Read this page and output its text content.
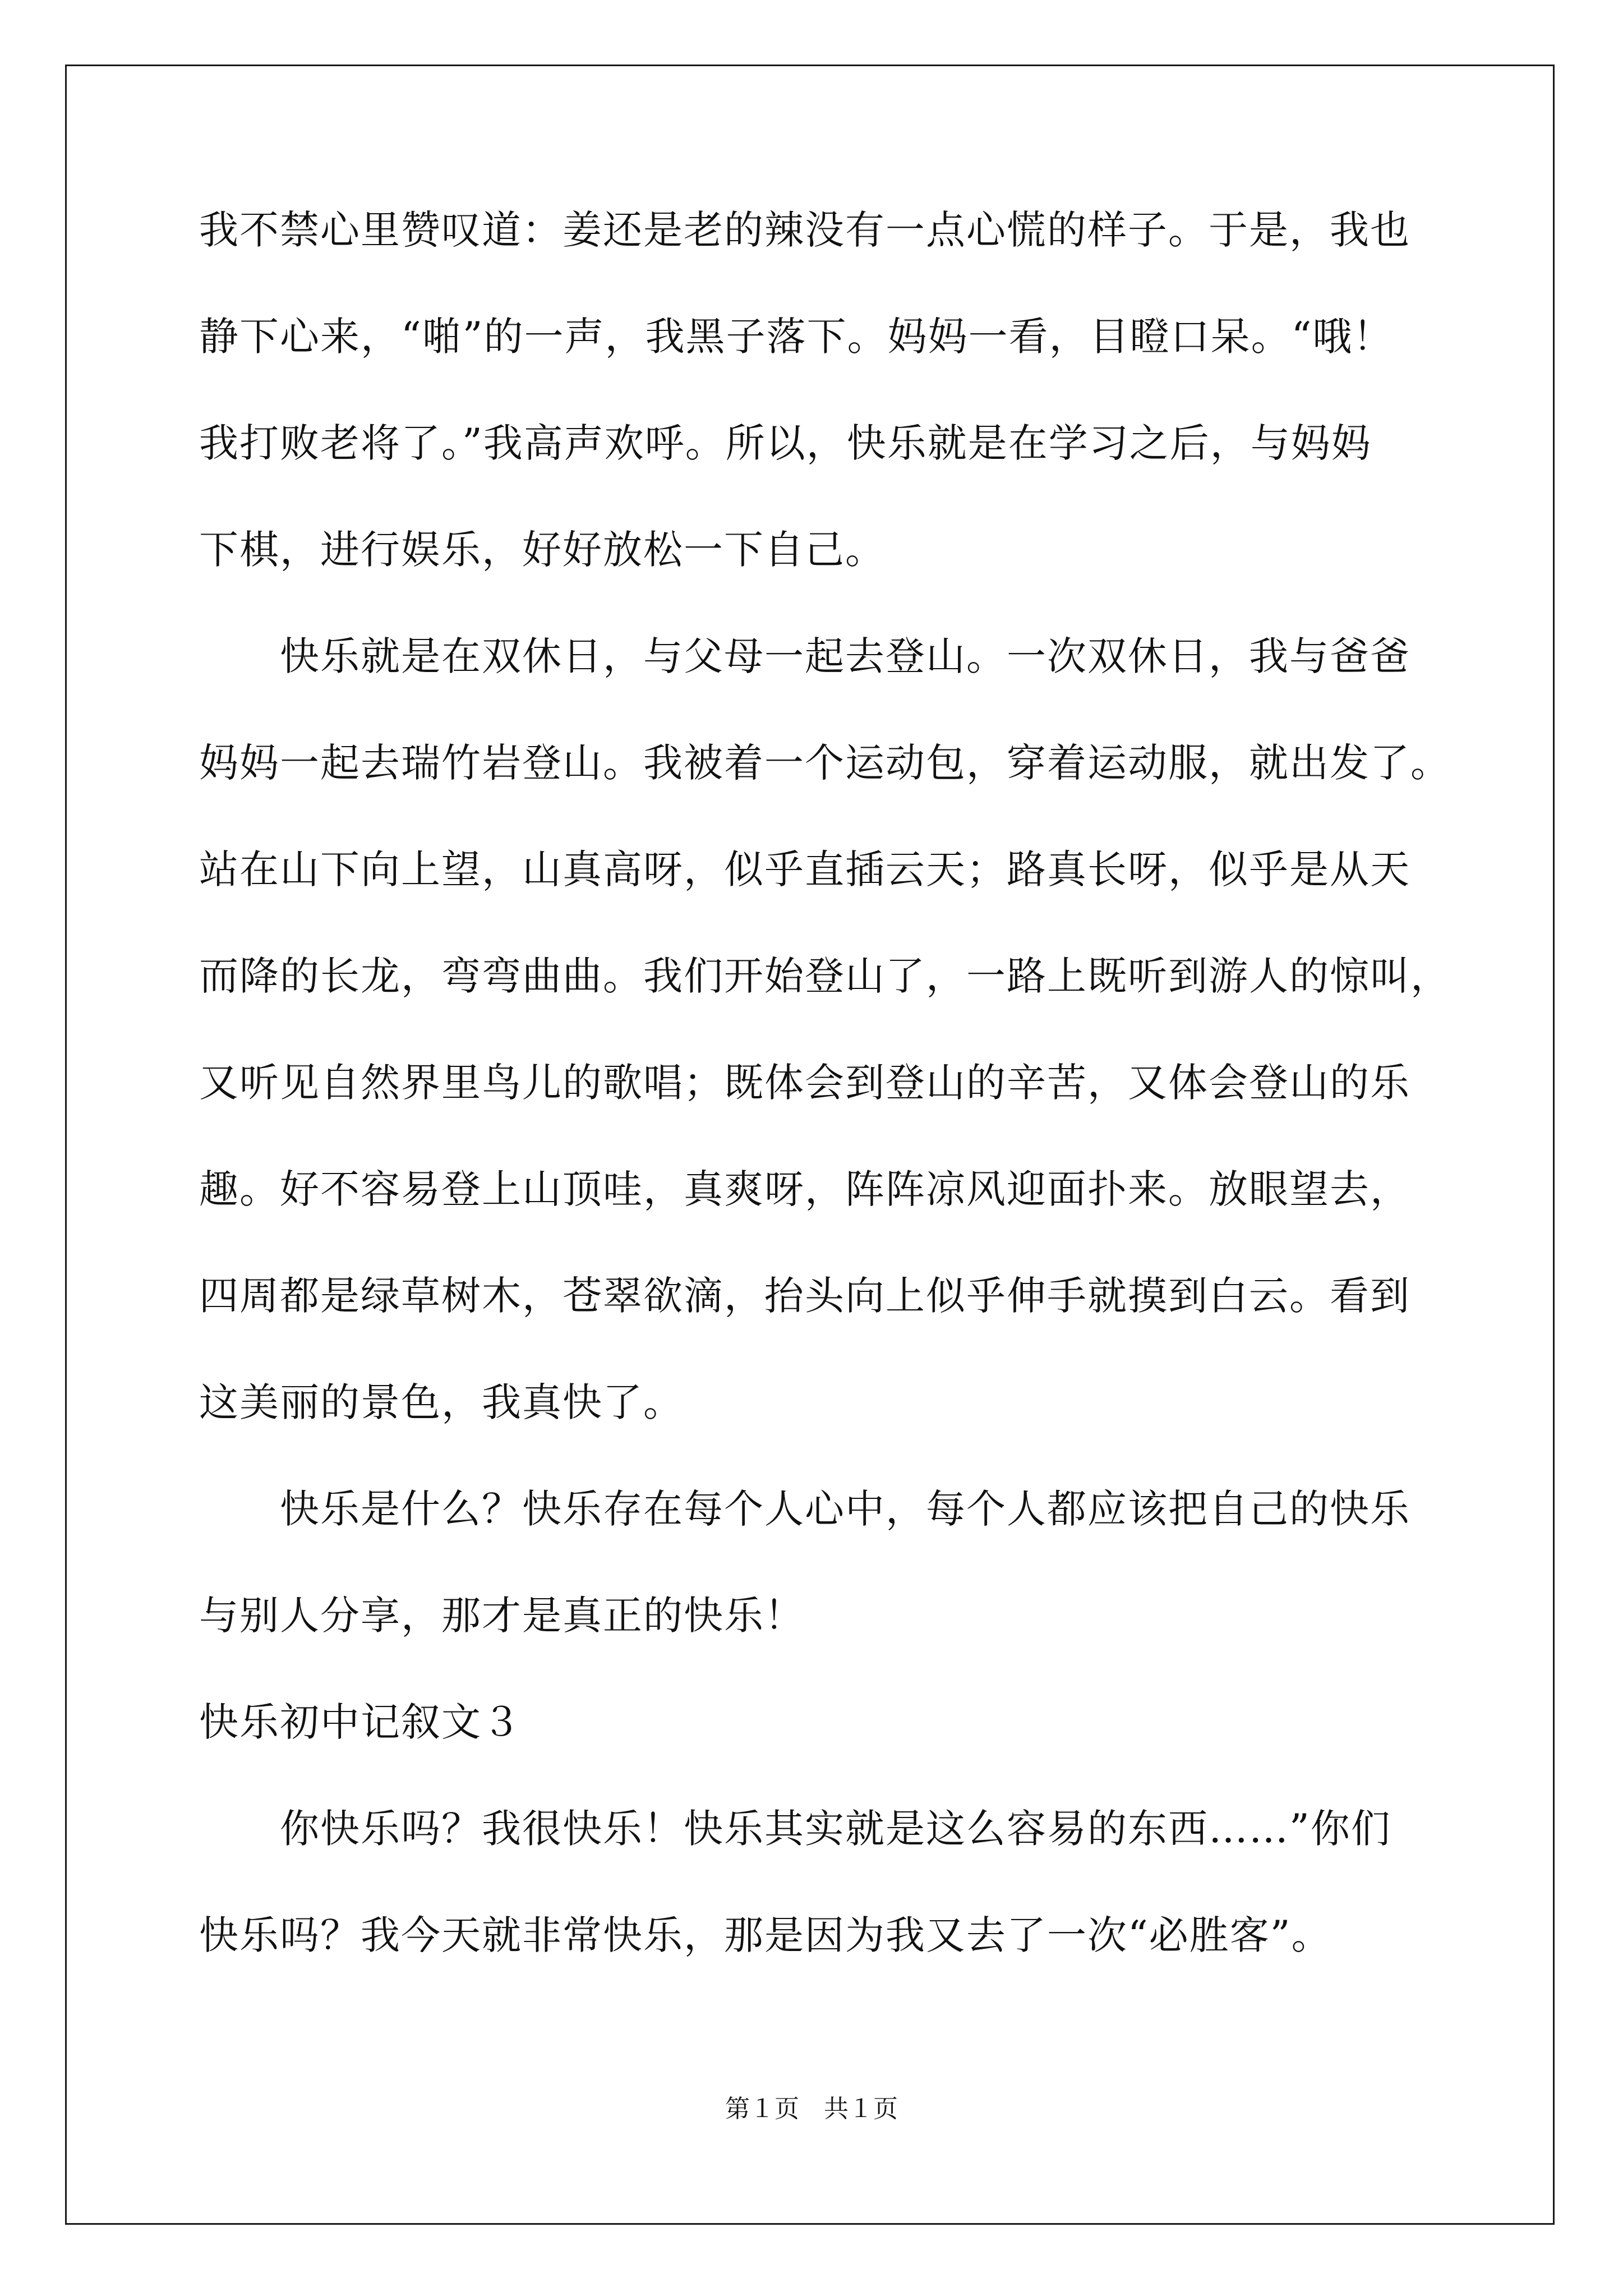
我不禁心里赞叹道：姜还是老的辣没有一点心慌的样子。于是，我也
静下心来，“啪”的一声，我黑子落下。妈妈一看，目瞪口呆。“哦！
我打败老将了。”我高声欢呼。所以，快乐就是在学习之后，与妈妈
下棋，进行娱乐，好好放松一下自己。
　　快乐就是在双休日，与父母一起去登山。一次双休日，我与爸爸
妈妈一起去瑞竹岩登山。我被着一个运动包，穿着运动服，就出发了。
站在山下向上望，山真高呀，似乎直插云天；路真长呀，似乎是从天
而降的长龙，弯弯曲曲。我们开始登山了，一路上既听到游人的惊叫，
又听见自然界里鸟儿的歌唱；既体会到登山的辛苦，又体会登山的乐
趣。好不容易登上山顶哇，真爽呀，阵阵凉风迎面扑来。放眼望去，
四周都是绿草树木，苍翠欲滴，抬头向上似乎伸手就摸到白云。看到
这美丽的景色，我真快了。
　　快乐是什么？快乐存在每个人心中，每个人都应该把自己的快乐
与别人分享，那才是真正的快乐！
快乐初中记叙文３
　　你快乐吗？我很快乐！快乐其实就是这么容易的东西……”你们
快乐吗？我今天就非常快乐，那是因为我又去了一次“必胜客”。
第１页　共１页
